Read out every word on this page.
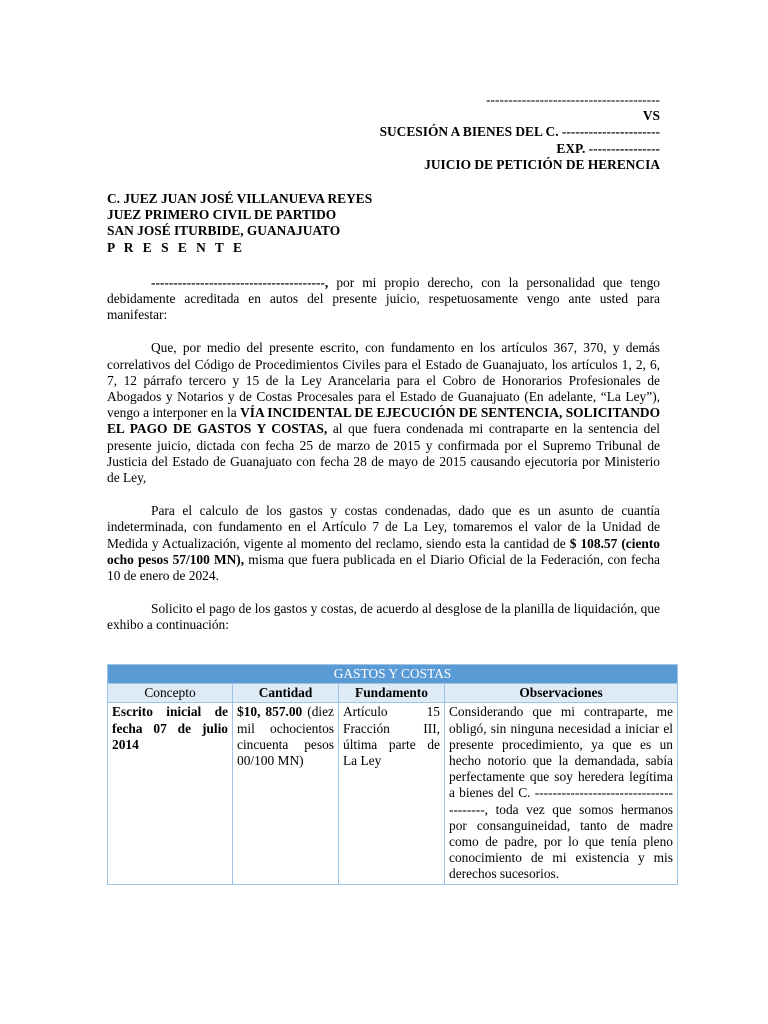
---------------------------------------
VS
SUCESIÓN A BIENES DEL C. ----------------------
EXP. ----------------
JUICIO DE PETICIÓN DE HERENCIA
C. JUEZ JUAN JOSÉ VILLANUEVA REYES
JUEZ PRIMERO CIVIL DE PARTIDO
SAN JOSÉ ITURBIDE, GUANAJUATO
P R E S E N T E

---------------------------------------, por mi propio derecho, con la personalidad que tengo debidamente acreditada en autos del presente juicio, respetuosamente vengo ante usted para manifestar:

Que, por medio del presente escrito, con fundamento en los artículos 367, 370, y demás correlativos del Código de Procedimientos Civiles para el Estado de Guanajuato, los artículos 1, 2, 6, 7, 12 párrafo tercero y 15 de la Ley Arancelaria para el Cobro de Honorarios Profesionales de Abogados y Notarios y de Costas Procesales para el Estado de Guanajuato (En adelante, “La Ley”), vengo a interponer en la VÍA INCIDENTAL DE EJECUCIÓN DE SENTENCIA, SOLICITANDO EL PAGO DE GASTOS Y COSTAS, al que fuera condenada mi contraparte en la sentencia del presente juicio, dictada con fecha 25 de marzo de 2015 y confirmada por el Supremo Tribunal de Justicia del Estado de Guanajuato con fecha 28 de mayo de 2015 causando ejecutoria por Ministerio de Ley,

Para el calculo de los gastos y costas condenadas, dado que es un asunto de cuantía indeterminada, con fundamento en el Artículo 7 de La Ley, tomaremos el valor de la Unidad de Medida y Actualización, vigente al momento del reclamo, siendo esta la cantidad de $ 108.57 (ciento ocho pesos 57/100 MN), misma que fuera publicada en el Diario Oficial de la Federación, con fecha 10 de enero de 2024.

Solicito el pago de los gastos y costas, de acuerdo al desglose de la planilla de liquidación, que exhibo a continuación:

GASTOS Y COSTAS			
Concepto	Cantidad	Fundamento	Observaciones
Escrito inicial de fecha 07 de julio 2014	$10, 857.00 (diez mil ochocientos cincuenta pesos 00/100 MN)	Artículo 15 Fracción III, última parte de La Ley	Considerando que mi contraparte, me obligó, sin ninguna necesidad a iniciar el presente procedimiento, ya que es un hecho notorio que la demandada, sabía perfectamente que soy heredera legítima a bienes del C. ---------------------------------------, toda vez que somos hermanos por consanguineidad, tanto de madre como de padre, por lo que tenía pleno conocimiento de mi existencia y mis derechos sucesorios.
